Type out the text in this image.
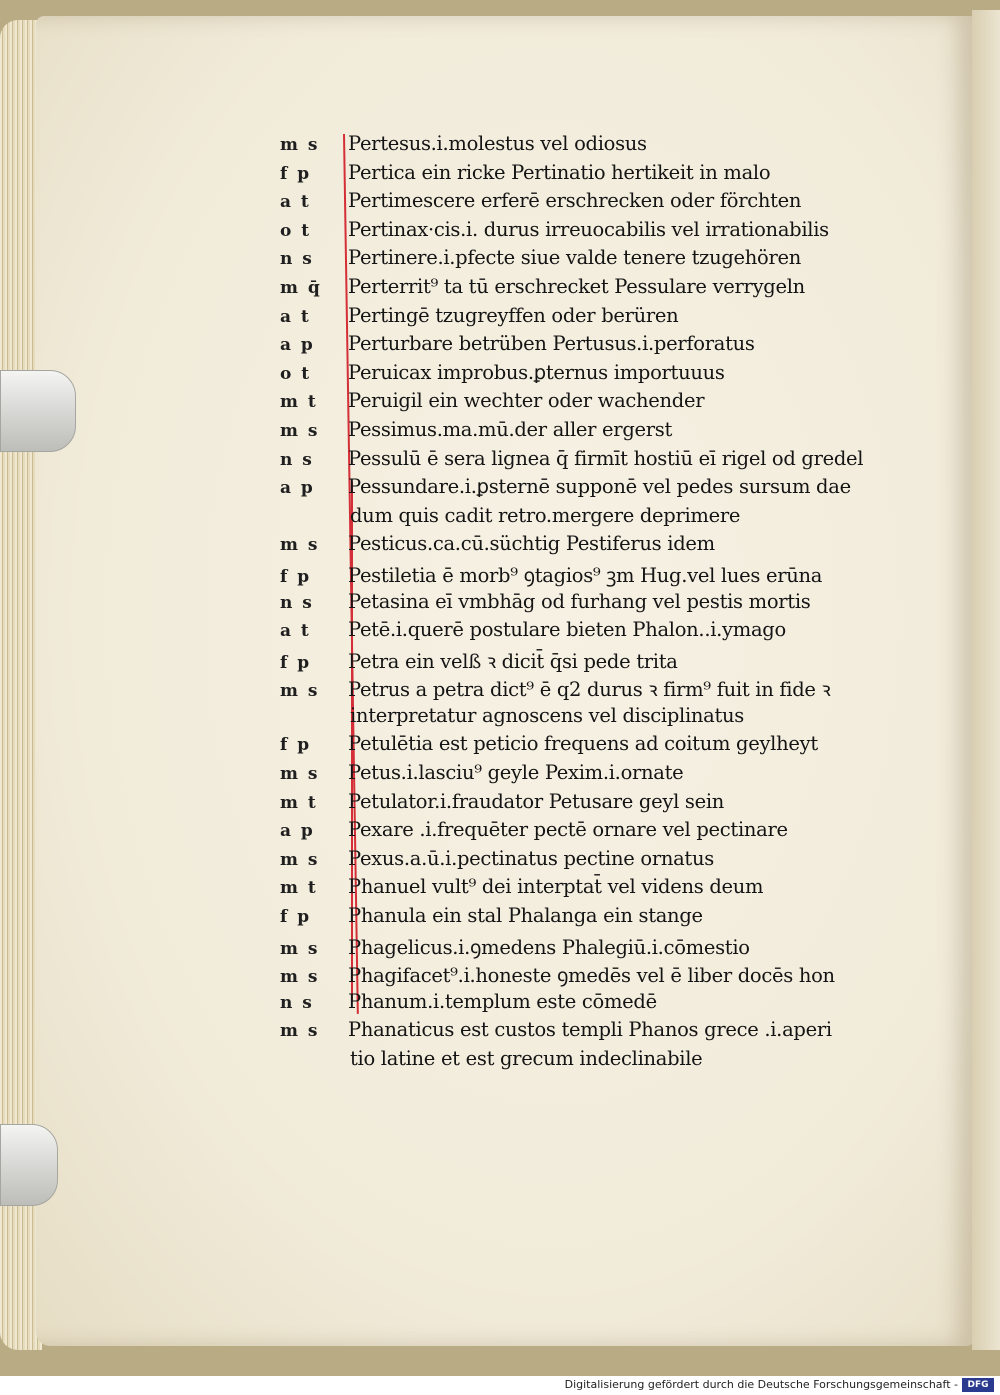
m s	Pertesus.i.molestus vel odiosus
f p	Pertica ein ricke Pertinatio hertikeit in malo
a t	Pertimescere erferē erschrecken oder förchten
o t	Pertinax·cis.i. durus irreuocabilis vel irrationabilis
n s	Pertinere.i.pfecte siue valde tenere tzugehören
m q̄	Perterrit⁹ ta tū erschrecket Pessulare verrygeln
a t	Pertingē tzugreyffen oder berüren
a p	Perturbare betrüben Pertusus.i.perforatus
o t	Peruicax improbus.ꝑternus importuuus
m t	Peruigil ein wechter oder wachender
m s	Pessimus.ma.mū.der aller ergerst
n s	Pessulū ē sera lignea q̄ firmīt hostiū eī rigel od gredel
a p	Pessundare.i.ꝑsternē supponē vel pedes sursum dae
dum quis cadit retro.mergere deprimere
m s	Pesticus.ca.cū.süchtig Pestiferus idem
f p	Pestiletia ē morb⁹ ꝯtagios⁹ ꝫm Hug.vel lues erūna
n s	Petasina eī vmbhāg od furhang vel pestis mortis
a t	Petē.i.querē postulare bieten Phalon..i.ymago
f p	Petra ein velß ꝛ dicit̄ q̄si pede trita
m s	Petrus a petra dict⁹ ē q2 durus ꝛ firm⁹ fuit in fide ꝛ
interpretatur agnoscens vel disciplinatus
f p	Petulētia est peticio frequens ad coitum geylheyt
m s	Petus.i.lasciu⁹ geyle Pexim.i.ornate
m t	Petulator.i.fraudator Petusare geyl sein
a p	Pexare .i.frequēter pectē ornare vel pectinare
m s	Pexus.a.ū.i.pectinatus pectine ornatus
m t	Phanuel vult⁹ dei interptat̄ vel videns deum
f p	Phanula ein stal Phalanga ein stange
m s	Phagelicus.i.ꝯmedens Phalegiū.i.cōmestio
m s	Phagifacet⁹.i.honeste ꝯmedēs vel ē liber docēs hon
n s	Phanum.i.templum este cōmedē
m s	Phanaticus est custos templi Phanos grece .i.aperi
tio latine et est grecum indeclinabile
Digitalisierung gefördert durch die Deutsche Forschungsgemeinschaft -	DFG
